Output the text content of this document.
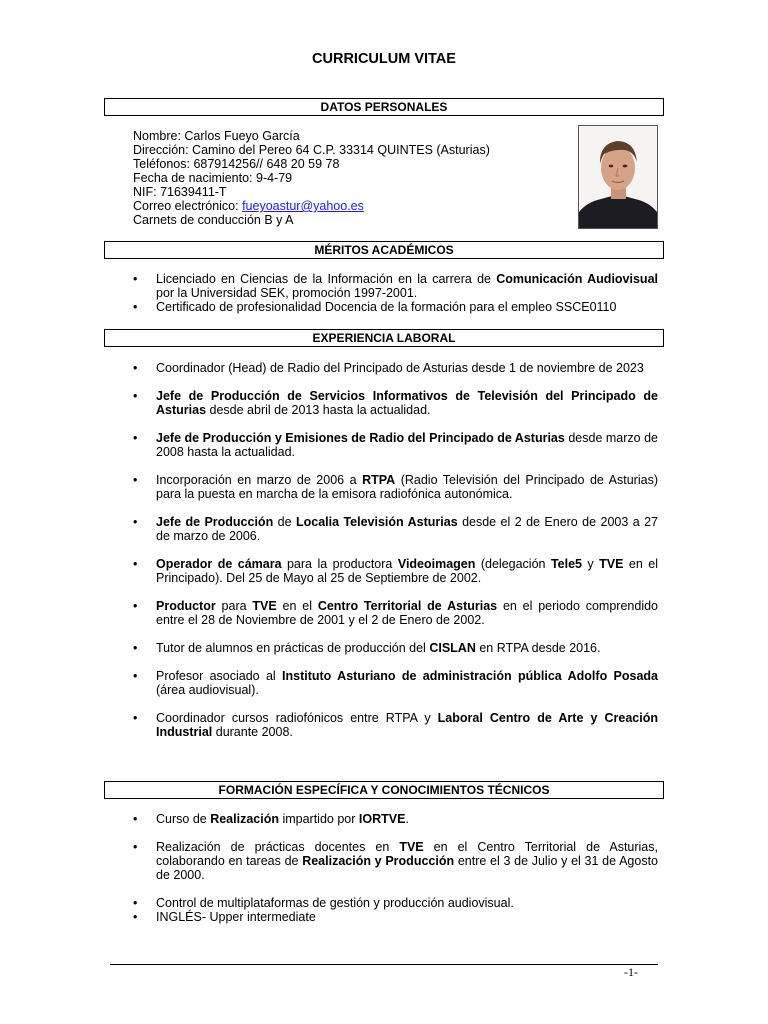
CURRICULUM VITAE
DATOS PERSONALES
Nombre: Carlos Fueyo García
Dirección: Camino del Pereo 64 C.P. 33314 QUINTES (Asturias)
Teléfonos: 687914256// 648 20 59 78
Fecha de nacimiento: 9-4-79
NIF: 71639411-T
Correo electrónico: fueyoastur@yahoo.es
Carnets de conducción B y A
MÉRITOS ACADÉMICOS
• Licenciado en Ciencias de la Información en la carrera de Comunicación Audiovisual por la Universidad SEK, promoción 1997-2001.
• Certificado de profesionalidad Docencia de la formación para el empleo SSCE0110
EXPERIENCIA LABORAL
• Coordinador (Head) de Radio del Principado de Asturias desde 1 de noviembre de 2023
• Jefe de Producción de Servicios Informativos de Televisión del Principado de Asturias desde abril de 2013 hasta la actualidad.
• Jefe de Producción y Emisiones de Radio del Principado de Asturias desde marzo de 2008 hasta la actualidad.
• Incorporación en marzo de 2006 a RTPA (Radio Televisión del Principado de Asturias) para la puesta en marcha de la emisora radiofónica autonómica.
• Jefe de Producción de Localia Televisión Asturias desde el 2 de Enero de 2003 a 27 de marzo de 2006.
• Operador de cámara para la productora Videoimagen (delegación Tele5 y TVE en el Principado). Del 25 de Mayo al 25 de Septiembre de 2002.
• Productor para TVE en el Centro Territorial de Asturias en el periodo comprendido entre el 28 de Noviembre de 2001 y el 2 de Enero de 2002.
• Tutor de alumnos en prácticas de producción del CISLAN en RTPA desde 2016.
• Profesor asociado al Instituto Asturiano de administración pública Adolfo Posada (área audiovisual).
• Coordinador cursos radiofónicos entre RTPA y Laboral Centro de Arte y Creación Industrial durante 2008.
FORMACIÓN ESPECÍFICA Y CONOCIMIENTOS TÉCNICOS
• Curso de Realización impartido por IORTVE.
• Realización de prácticas docentes en TVE en el Centro Territorial de Asturias, colaborando en tareas de Realización y Producción entre el 3 de Julio y el 31 de Agosto de 2000.
• Control de multiplataformas de gestión y producción audiovisual.
• INGLÉS- Upper intermediate
-1-
